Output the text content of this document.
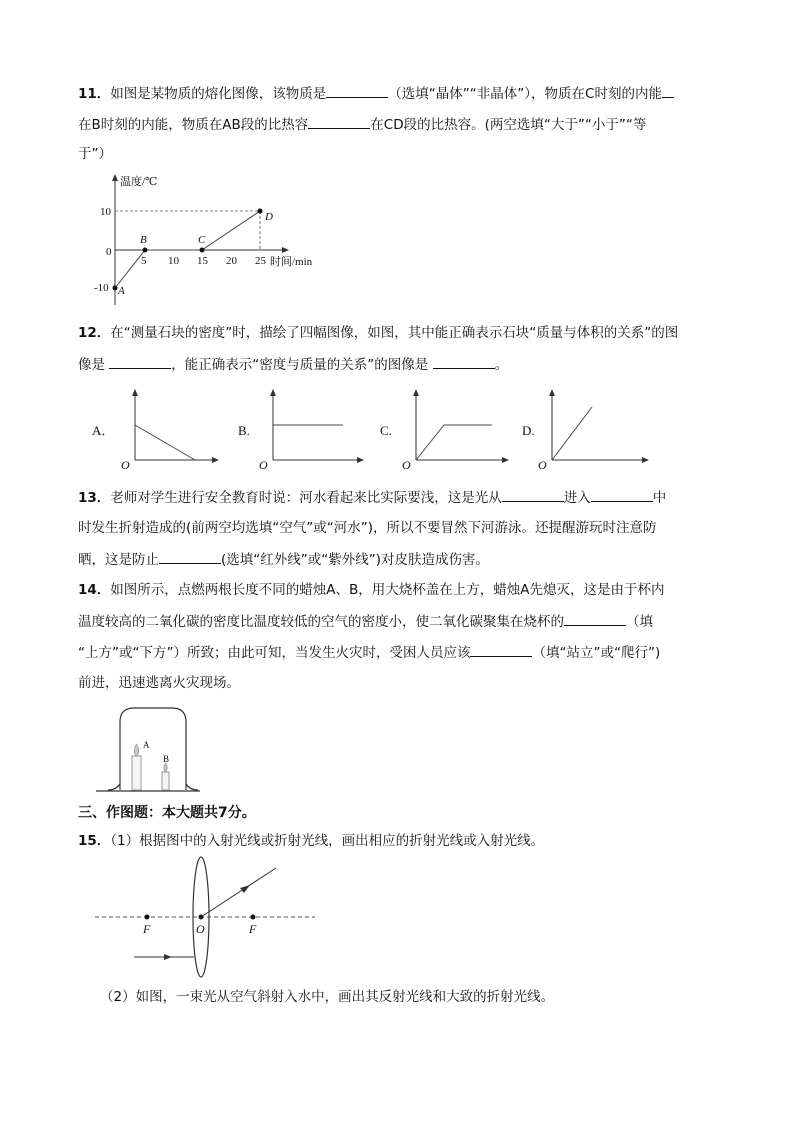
11．如图是某物质的熔化图像，该物质是	（选填“晶体”“非晶体”），物质在C时刻的内能
在B时刻的内能，物质在AB段的比热容	在CD段的比热容。(两空选填“大于”“小于”“等
于”）
温度/℃
时间/min
10
0
-10
5 10 15 20 25
A
B	C
D
12．在“测量石块的密度”时，描绘了四幅图像，如图，其中能正确表示石块“质量与体积的关系”的图
像是	，能正确表示“密度与质量的关系”的图像是	。
A．
O
B.
O
C.
O
D.
O
13．老师对学生进行安全教育时说：河水看起来比实际要浅，这是光从	进入	中
时发生折射造成的(前两空均选填“空气”或“河水”)，所以不要冒然下河游泳。还提醒游玩时注意防
晒，这是防止	(选填“红外线”或“紫外线”)对皮肤造成伤害。
14．如图所示，点燃两根长度不同的蜡烛A、B，用大烧杯盖在上方，蜡烛A先熄灭，这是由于杯内
温度较高的二氧化碳的密度比温度较低的空气的密度小，使二氧化碳聚集在烧杯的	（填
“上方”或“下方”）所致；由此可知，当发生火灾时，受困人员应该	（填“站立”或“爬行”)
前进，迅速逃离火灾现场。
A
B
三、作图题：本大题共7分。
15．（1）根据图中的入射光线或折射光线，画出相应的折射光线或入射光线。
F	O	F
（2）如图，一束光从空气斜射入水中，画出其反射光线和大致的折射光线。
